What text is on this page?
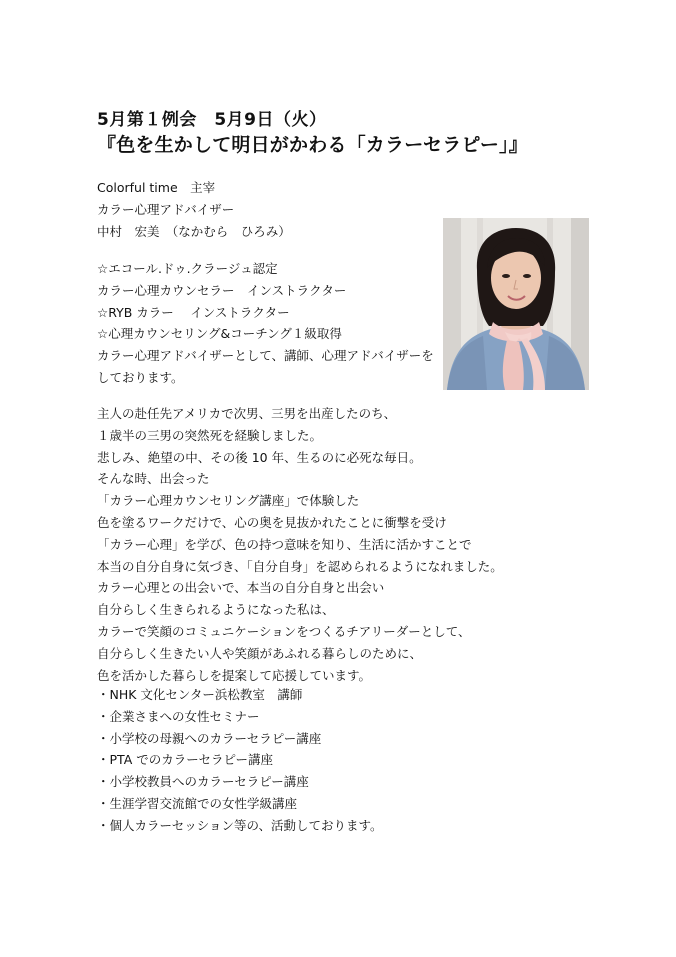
5月第１例会　5月9日（火）
『色を生かして明日がかわる「カラーセラピー」』
Colorful time　主宰
カラー心理アドバイザー
中村　宏美　（なかむら　ひろみ）
☆エコール.ドゥ.クラージュ認定
カラー心理カウンセラー　インストラクター
☆RYB カラー　 インストラクター
☆心理カウンセリング&コーチング１級取得
カラー心理アドバイザーとして、講師、心理アドバイザーを
しております。
主人の赴任先アメリカで次男、三男を出産したのち、
１歳半の三男の突然死を経験しました。
悲しみ、絶望の中、その後 10 年、生るのに必死な毎日。
そんな時、出会った
「カラー心理カウンセリング講座」で体験した
色を塗るワークだけで、心の奥を見抜かれたことに衝撃を受け
「カラー心理」を学び、色の持つ意味を知り、生活に活かすことで
本当の自分自身に気づき、「自分自身」を認められるようになれました。
カラー心理との出会いで、本当の自分自身と出会い
自分らしく生きられるようになった私は、
カラーで笑顔のコミュニケーションをつくるチアリーダーとして、
自分らしく生きたい人や笑顔があふれる暮らしのために、
色を活かした暮らしを提案して応援しています。
・NHK 文化センター浜松教室　講師
・企業さまへの女性セミナー
・小学校の母親へのカラーセラピー講座
・PTA でのカラーセラピー講座
・小学校教員へのカラーセラピー講座
・生涯学習交流館での女性学級講座
・個人カラーセッション等の、活動しております。
